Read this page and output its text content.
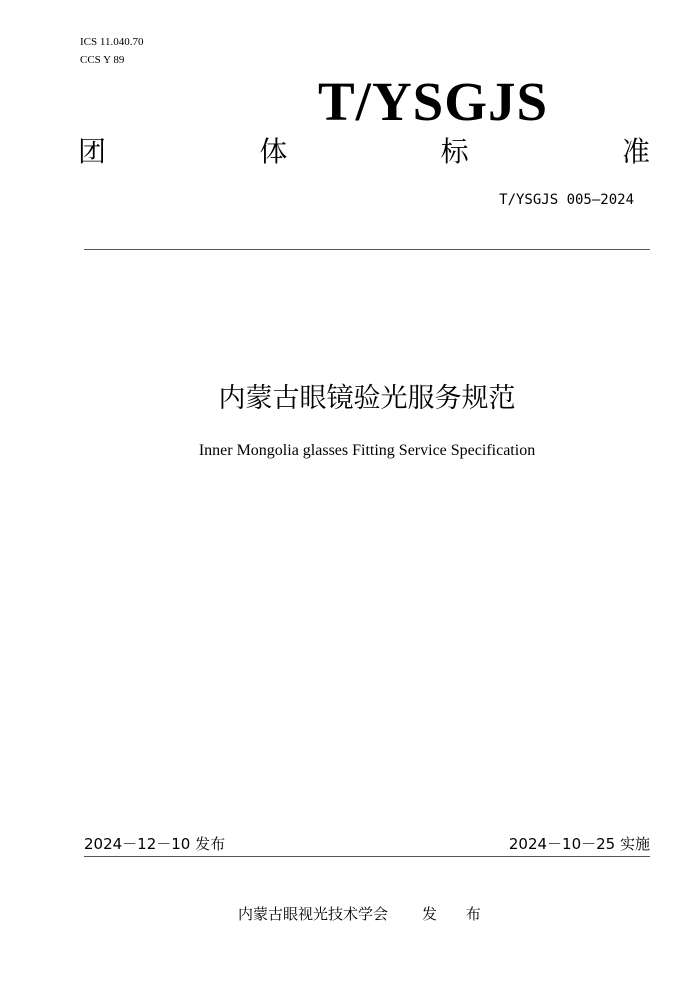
ICS 11.040.70
CCS Y 89
T/YSGJS
团	体	标	准
T/YSGJS 005—2024
内蒙古眼镜验光服务规范
Inner Mongolia glasses Fitting Service Specification
2024－12－10 发布	2024－10－25 实施
内蒙古眼视光技术学会 发 布
